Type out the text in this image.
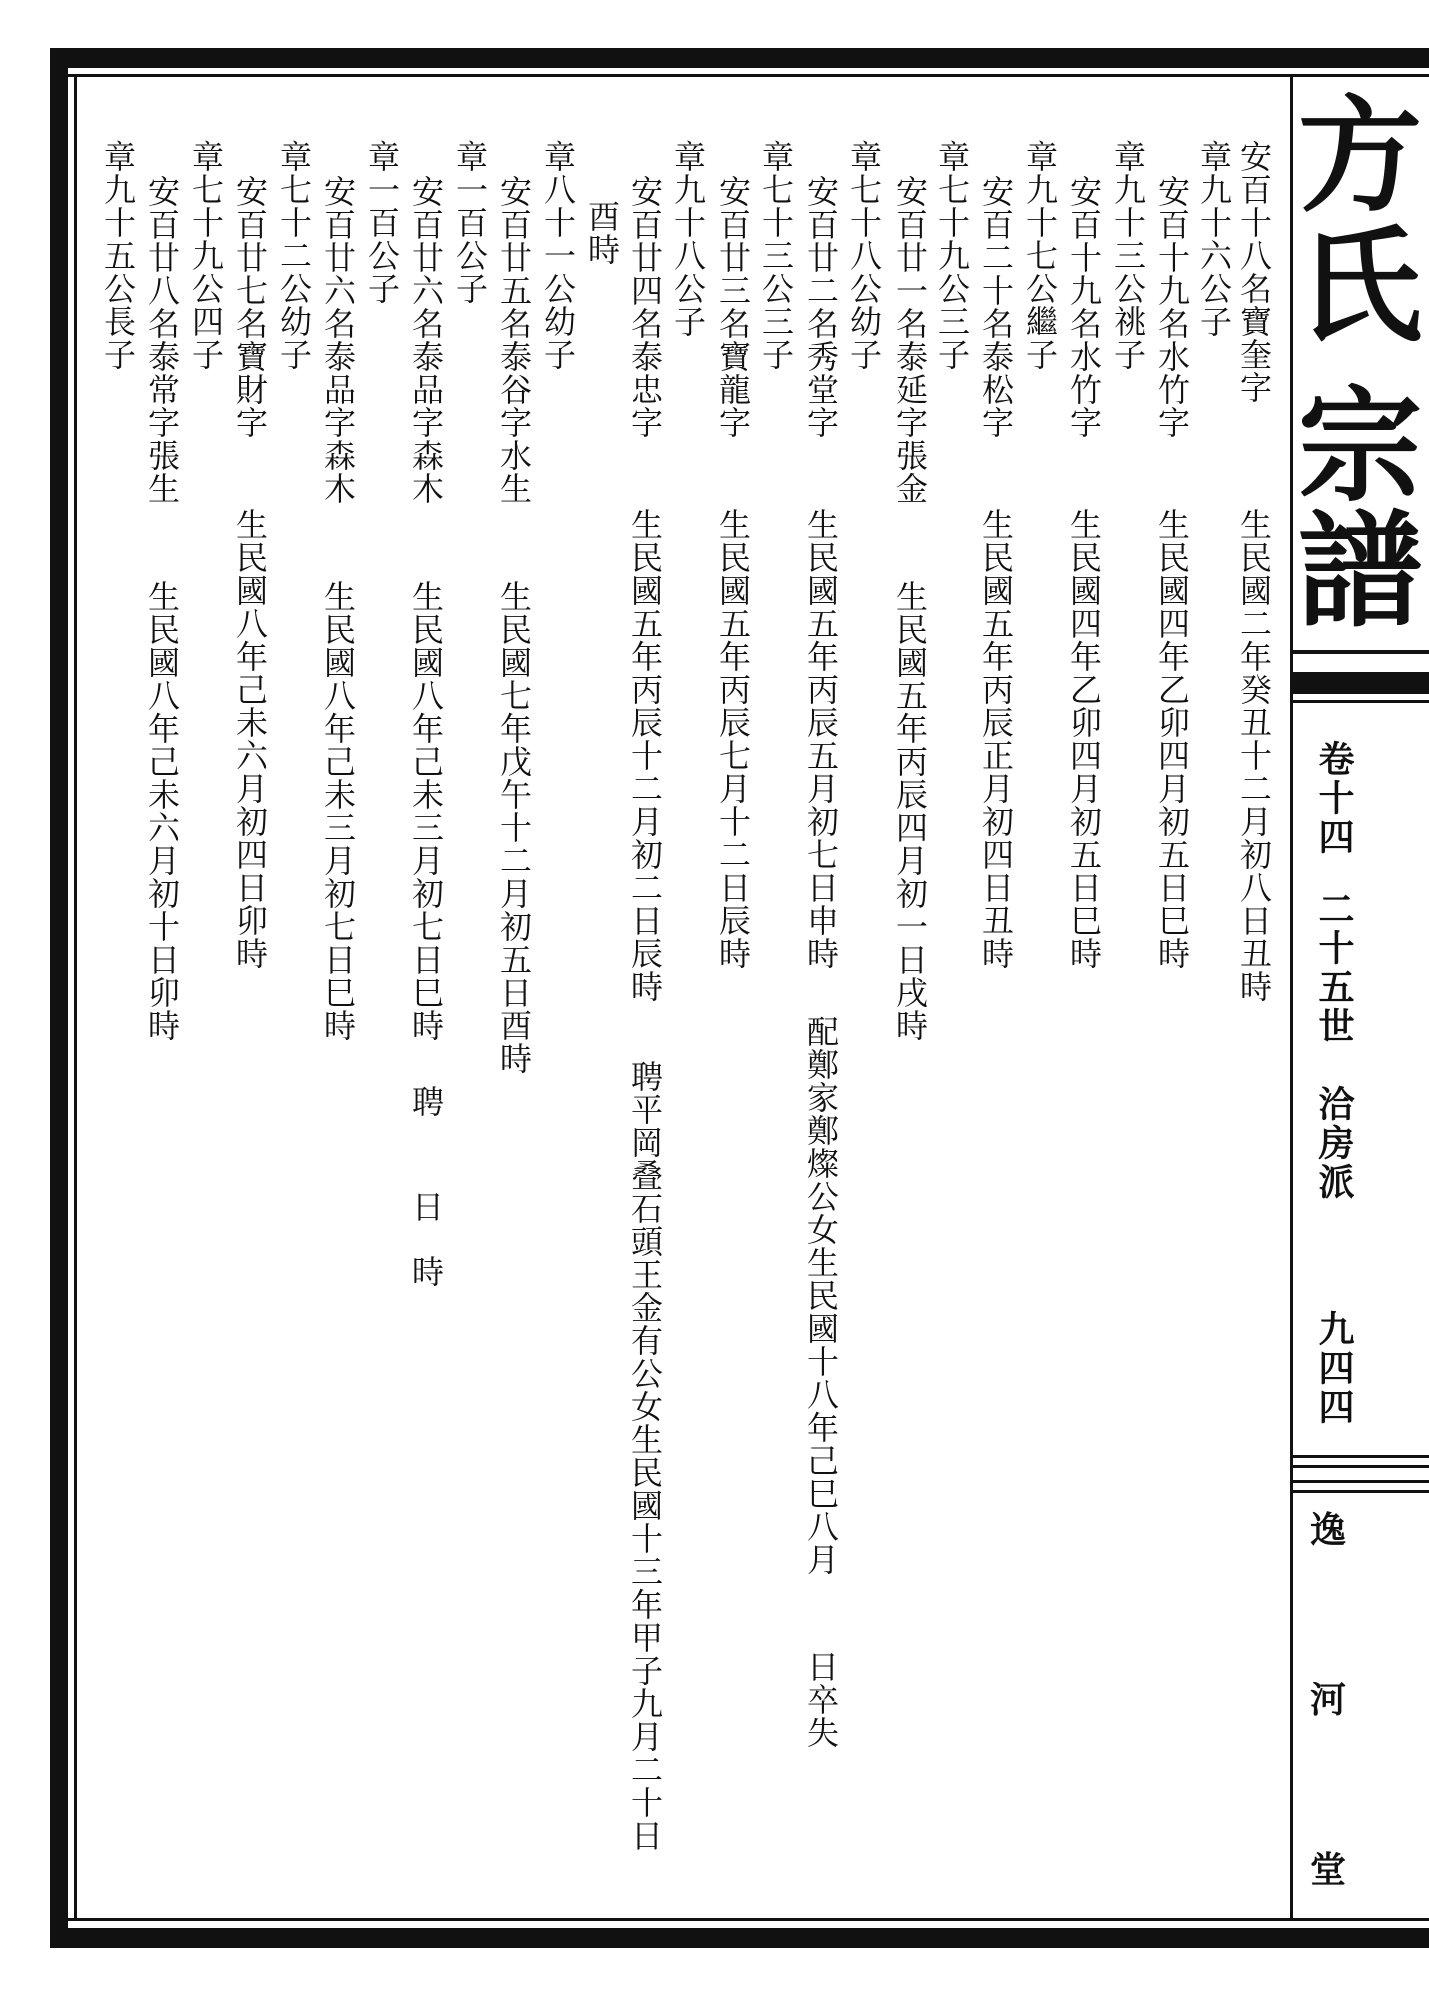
方
氏
宗
譜
卷十四
二十五世
洽房派
九四四
逸
河
堂
安百十八名寶奎字
生民國二年癸丑十二月初八日丑時
章九十六公子
安百十九名水竹字
生民國四年乙卯四月初五日巳時
章九十三公祧子
安百十九名水竹字
生民國四年乙卯四月初五日巳時
章九十七公繼子
安百二十名泰松字
生民國五年丙辰正月初四日丑時
章七十九公三子
安百廿一名泰延字張金
生民國五年丙辰四月初一日戌時
章七十八公幼子
安百廿二名秀堂字
生民國五年丙辰五月初七日申時
配鄭家鄭燦公女生民國十八年己巳八月
日卒失
章七十三公三子
安百廿三名寶龍字
生民國五年丙辰七月十二日辰時
章九十八公子
安百廿四名泰忠字
生民國五年丙辰十二月初二日辰時
聘平岡叠石頭王金有公女生民國十三年甲子九月二十日
酉時
章八十一公幼子
安百廿五名泰谷字水生
生民國七年戊午十二月初五日酉時
章一百公子
安百廿六名泰品字森木
生民國八年己未三月初七日巳時
聘
日
時
章一百公子
安百廿六名泰品字森木
生民國八年己未三月初七日巳時
章七十二公幼子
安百廿七名寶財字
生民國八年己未六月初四日卯時
章七十九公四子
安百廿八名泰常字張生
生民國八年己未六月初十日卯時
章九十五公長子
